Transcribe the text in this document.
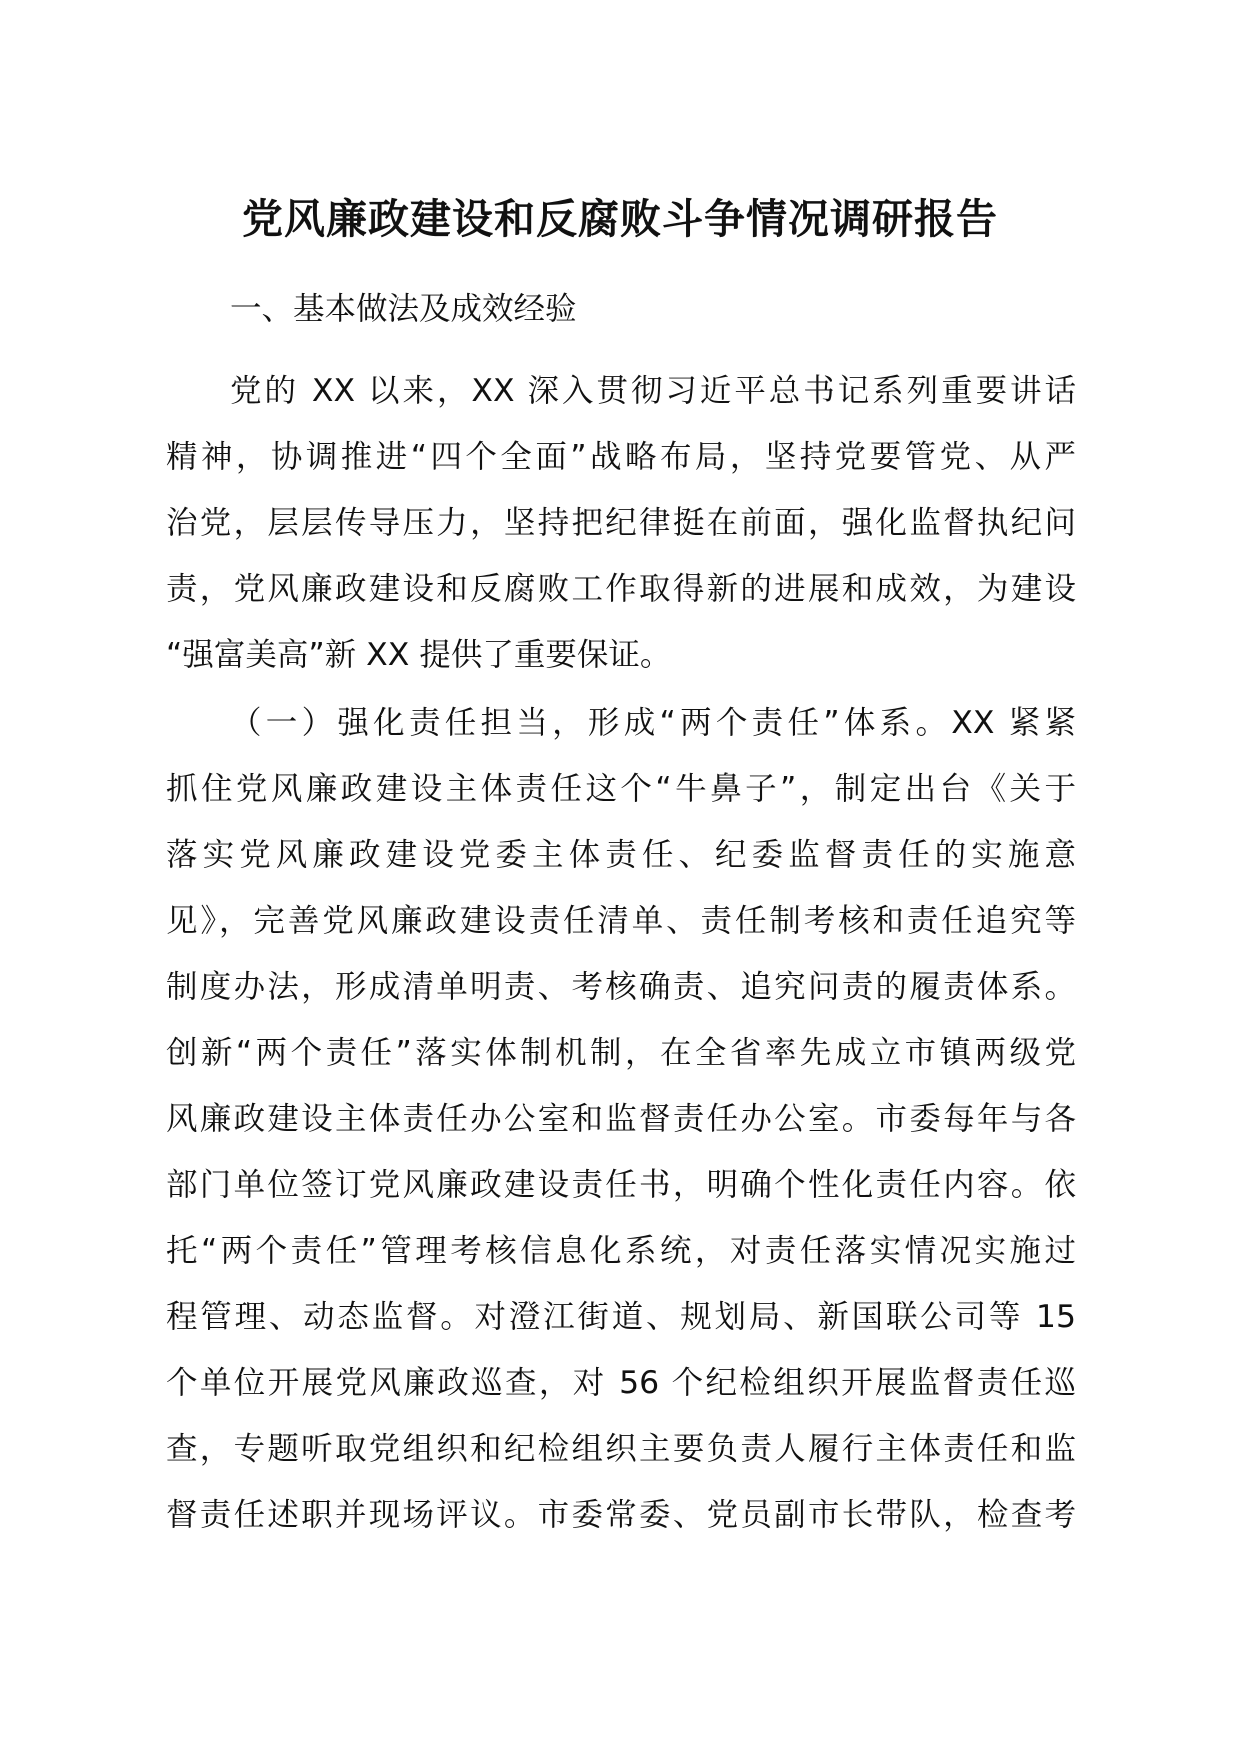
党风廉政建设和反腐败斗争情况调研报告
一、基本做法及成效经验
党的 XX 以来，XX 深入贯彻习近平总书记系列重要讲话
精神，协调推进“四个全面”战略布局，坚持党要管党、从严
治党，层层传导压力，坚持把纪律挺在前面，强化监督执纪问
责，党风廉政建设和反腐败工作取得新的进展和成效，为建设
“强富美高”新 XX 提供了重要保证。
（一）强化责任担当，形成“两个责任”体系。XX 紧紧
抓住党风廉政建设主体责任这个“牛鼻子”，制定出台《关于
落实党风廉政建设党委主体责任、纪委监督责任的实施意
见》，完善党风廉政建设责任清单、责任制考核和责任追究等
制度办法，形成清单明责、考核确责、追究问责的履责体系。
创新“两个责任”落实体制机制，在全省率先成立市镇两级党
风廉政建设主体责任办公室和监督责任办公室。市委每年与各
部门单位签订党风廉政建设责任书，明确个性化责任内容。依
托“两个责任”管理考核信息化系统，对责任落实情况实施过
程管理、动态监督。对澄江街道、规划局、新国联公司等 15
个单位开展党风廉政巡查，对 56 个纪检组织开展监督责任巡
查，专题听取党组织和纪检组织主要负责人履行主体责任和监
督责任述职并现场评议。市委常委、党员副市长带队，检查考
